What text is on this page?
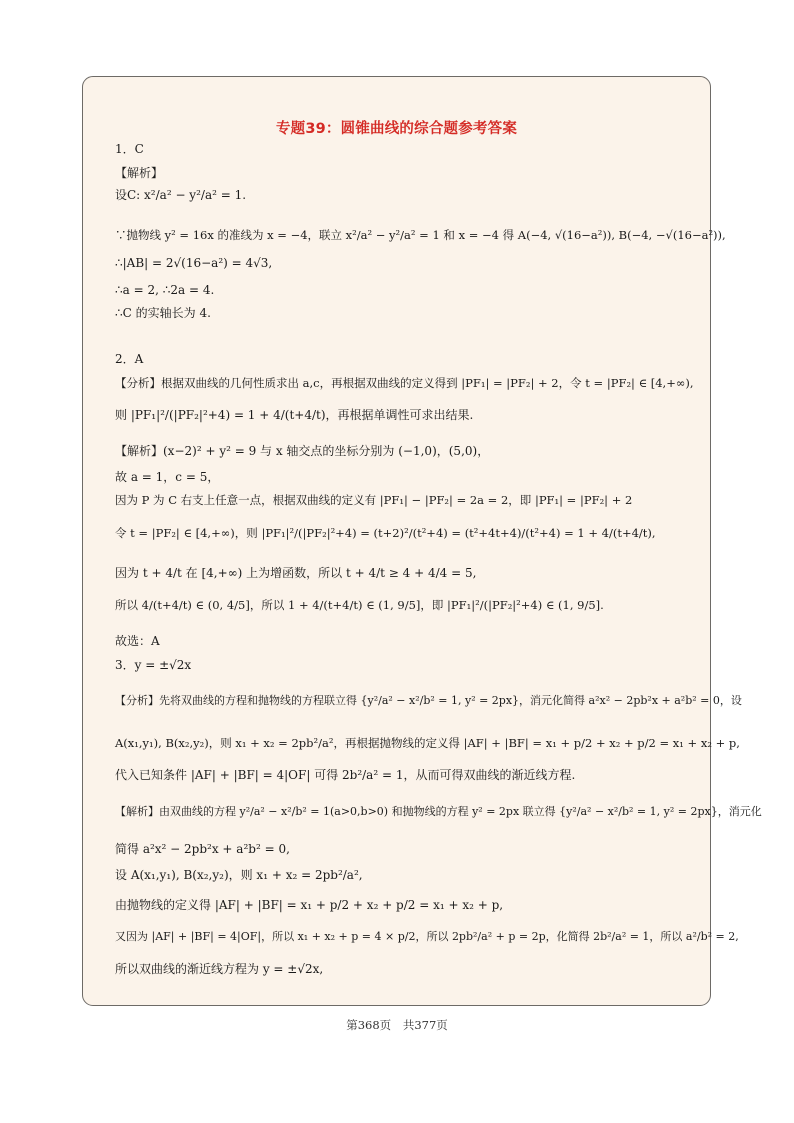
专题39：圆锥曲线的综合题参考答案
1．C
【解析】
设C: x²/a² − y²/a² = 1.
∵抛物线 y² = 16x 的准线为 x = −4，联立 x²/a² − y²/a² = 1 和 x = −4 得 A(−4, √(16−a²)), B(−4, −√(16−a²)),
∴|AB| = 2√(16−a²) = 4√3,
∴a = 2, ∴2a = 4.
∴C 的实轴长为 4.
2．A
【分析】根据双曲线的几何性质求出 a,c，再根据双曲线的定义得到 |PF₁| = |PF₂| + 2，令 t = |PF₂| ∈ [4,+∞),
则 |PF₁|²/(|PF₂|²+4) = 1 + 4/(t+4/t)，再根据单调性可求出结果.
【解析】(x−2)² + y² = 9 与 x 轴交点的坐标分别为 (−1,0)，(5,0)，
故 a = 1，c = 5，
因为 P 为 C 右支上任意一点，根据双曲线的定义有 |PF₁| − |PF₂| = 2a = 2，即 |PF₁| = |PF₂| + 2
令 t = |PF₂| ∈ [4,+∞)，则 |PF₁|²/(|PF₂|²+4) = (t+2)²/(t²+4) = (t²+4t+4)/(t²+4) = 1 + 4/(t+4/t),
因为 t + 4/t 在 [4,+∞) 上为增函数，所以 t + 4/t ≥ 4 + 4/4 = 5,
所以 4/(t+4/t) ∈ (0, 4/5]，所以 1 + 4/(t+4/t) ∈ (1, 9/5]，即 |PF₁|²/(|PF₂|²+4) ∈ (1, 9/5].
故选：A
3．y = ±√2x
【分析】先将双曲线的方程和抛物线的方程联立得 {y²/a² − x²/b² = 1, y² = 2px}，消元化简得 a²x² − 2pb²x + a²b² = 0，设
A(x₁,y₁), B(x₂,y₂)，则 x₁ + x₂ = 2pb²/a²，再根据抛物线的定义得 |AF| + |BF| = x₁ + p/2 + x₂ + p/2 = x₁ + x₂ + p,
代入已知条件 |AF| + |BF| = 4|OF| 可得 2b²/a² = 1，从而可得双曲线的渐近线方程.
【解析】由双曲线的方程 y²/a² − x²/b² = 1(a>0,b>0) 和抛物线的方程 y² = 2px 联立得 {y²/a² − x²/b² = 1, y² = 2px}，消元化
简得 a²x² − 2pb²x + a²b² = 0,
设 A(x₁,y₁), B(x₂,y₂)，则 x₁ + x₂ = 2pb²/a²,
由抛物线的定义得 |AF| + |BF| = x₁ + p/2 + x₂ + p/2 = x₁ + x₂ + p,
又因为 |AF| + |BF| = 4|OF|，所以 x₁ + x₂ + p = 4 × p/2，所以 2pb²/a² + p = 2p，化简得 2b²/a² = 1，所以 a²/b² = 2,
所以双曲线的渐近线方程为 y = ±√2x,
第368页 共377页
